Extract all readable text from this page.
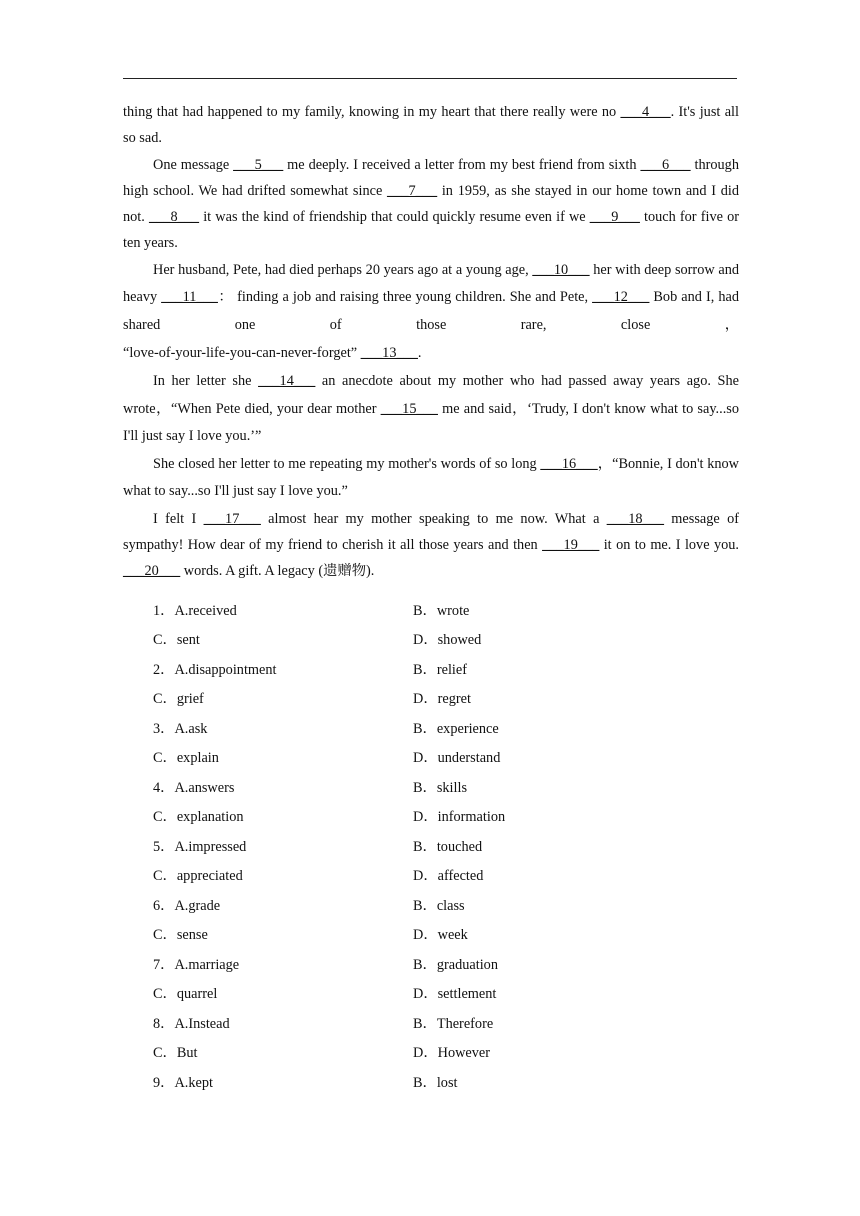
thing that had happened to my family, knowing in my heart that there really were no ___4___. It's just all so sad.

One message ___5___ me deeply. I received a letter from my best friend from sixth ___6___ through high school. We had drifted somewhat since ___7___ in 1959, as she stayed in our home town and I did not. ___8___ it was the kind of friendship that could quickly resume even if we ___9___ touch for five or ten years.

Her husband, Pete, had died perhaps 20 years ago at a young age, ___10___ her with deep sorrow and heavy ___11___： finding a job and raising three young children. She and Pete, ___12___ Bob and I, had shared one of those rare, close ，

“love-of-your-life-you-can-never-forget” ___13___.

In her letter she ___14___ an anecdote about my mother who had passed away years ago. She wrote，“When Pete died, your dear mother ___15___ me and said，‘Trudy, I don't know what to say...so I'll just say I love you.’”

She closed her letter to me repeating my mother's words of so long ___16___，“Bonnie, I don't know what to say...so I'll just say I love you.”

I felt I ___17___ almost hear my mother speaking to me now. What a ___18___ message of sympathy! How dear of my friend to cherish it all those years and then ___19___ it on to me. I love you. ___20___ words. A gift. A legacy (遗赠物).

1．A.received	B．wrote
C．sent	D．showed
2．A.disappointment	B．relief
C．grief	D．regret
3．A.ask	B．experience
C．explain	D．understand
4．A.answers	B．skills
C．explanation	D．information
5．A.impressed	B．touched
C．appreciated	D．affected
6．A.grade	B．class
C．sense	D．week
7．A.marriage	B．graduation
C．quarrel	D．settlement
8．A.Instead	B．Therefore
C．But	D．However
9．A.kept	B．lost
